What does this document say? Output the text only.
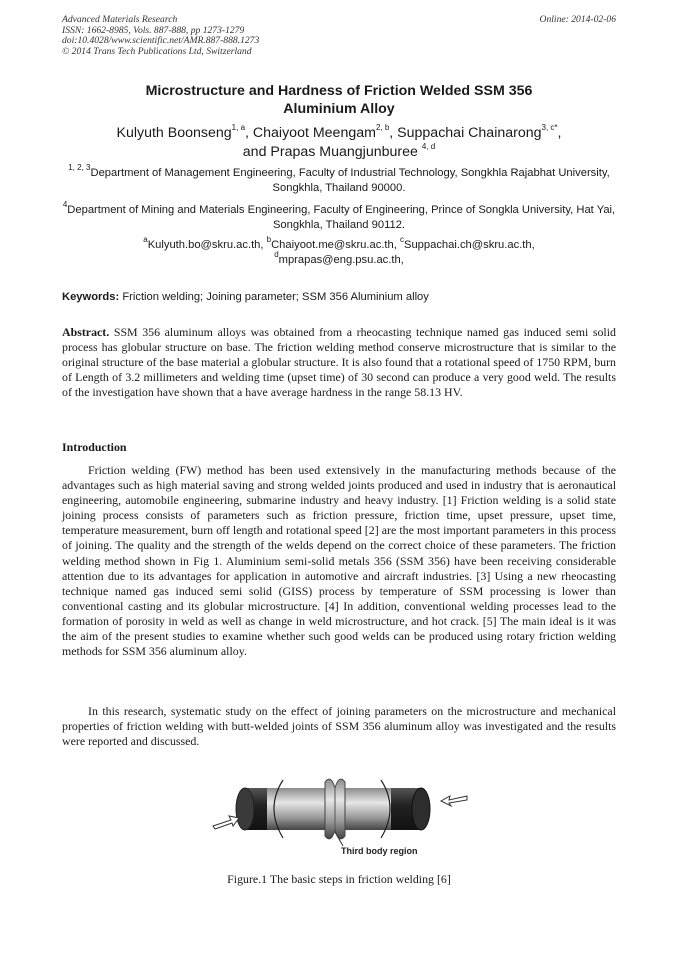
Advanced Materials Research
ISSN: 1662-8985, Vols. 887-888, pp 1273-1279
doi:10.4028/www.scientific.net/AMR.887-888.1273
© 2014 Trans Tech Publications Ltd, Switzerland
Online: 2014-02-06
Microstructure and Hardness of Friction Welded SSM 356
Aluminium Alloy
Kulyuth Boonseng$^{1, a}$, Chaiyoot Meengam$^{2, b}$, Suppachai Chainarong$^{3, c*}$,
and Prapas Muangjunburee $^{4, d}$
$^{1, 2, 3}$Department of Management Engineering, Faculty of Industrial Technology, Songkhla Rajabhat University, Songkhla, Thailand 90000.
$^4$Department of Mining and Materials Engineering, Faculty of Engineering, Prince of Songkla University, Hat Yai, Songkhla, Thailand 90112.
$^a$Kulyuth.bo@skru.ac.th, $^b$Chaiyoot.me@skru.ac.th, $^c$Suppachai.ch@skru.ac.th,
$^d$mprapas@eng.psu.ac.th,
Keywords: Friction welding; Joining parameter; SSM 356 Aluminium alloy
Abstract. SSM 356 aluminum alloys was obtained from a rheocasting technique named gas induced semi solid process has globular structure on base. The friction welding method conserve microstructure that is similar to the original structure of the base material a globular structure. It is also found that a rotational speed of 1750 RPM, burn of Length of 3.2 millimeters and welding time (upset time) of 30 second can produce a very good weld. The results of the investigation have shown that a have average hardness in the range 58.13 HV.
Introduction
Friction welding (FW) method has been used extensively in the manufacturing methods because of the advantages such as high material saving and strong welded joints produced and used in industry that is aeronautical engineering, automobile engineering, submarine industry and heavy industry. [1] Friction welding is a solid state joining process consists of parameters such as friction pressure, friction time, upset pressure, upset time, temperature measurement, burn off length and rotational speed [2] are the most important parameters in this process of joining. The quality and the strength of the welds depend on the correct choice of these parameters. The friction welding method shown in Fig 1. Aluminium semi-solid metals 356 (SSM 356) have been receiving considerable attention due to its advantages for application in automotive and aircraft industries. [3] Using a new rheocasting technique named gas induced semi solid (GISS) process by temperature of SSM processing is lower than conventional casting and its globular microstructure. [4] In addition, conventional welding processes lead to the formation of porosity in weld as well as change in weld microstructure, and hot crack. [5] The main ideal is it was the aim of the present studies to examine whether such good welds can be produced using rotary friction welding methods for SSM 356 aluminum alloy.
In this research, systematic study on the effect of joining parameters on the microstructure and mechanical properties of friction welding with butt-welded joints of SSM 356 aluminum alloy was investigated and the results were reported and discussed.
Third body region
Figure.1 The basic steps in friction welding [6]
